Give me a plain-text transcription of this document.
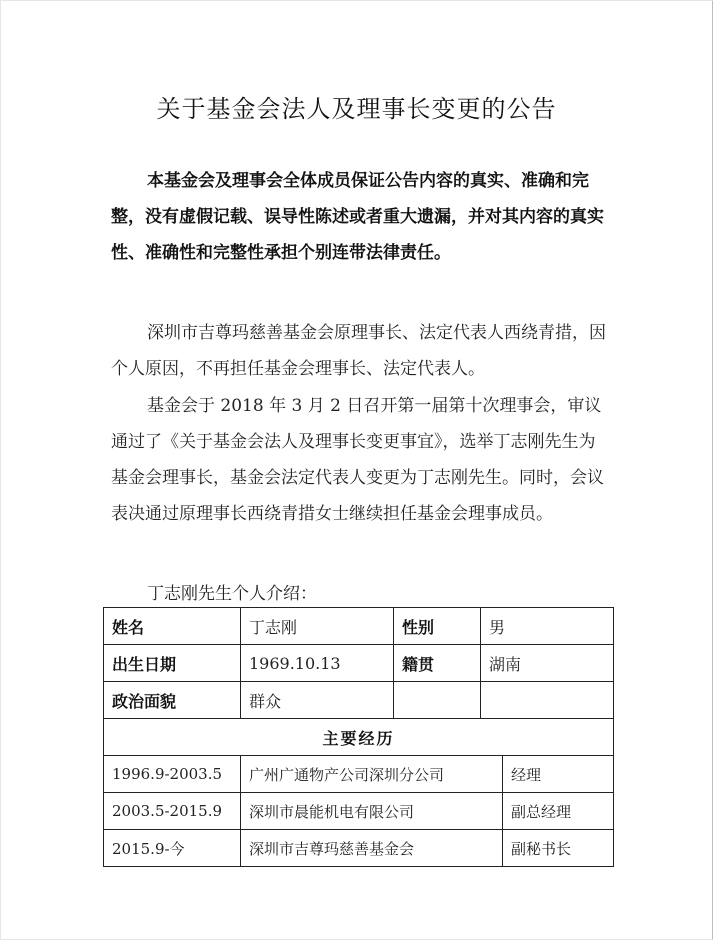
关于基金会法人及理事长变更的公告

本基金会及理事会全体成员保证公告内容的真实、准确和完整，没有虚假记载、误导性陈述或者重大遗漏，并对其内容的真实性、准确性和完整性承担个别连带法律责任。

深圳市吉尊玛慈善基金会原理事长、法定代表人西绕青措，因个人原因，不再担任基金会理事长、法定代表人。

基金会于 2018 年 3 月 2 日召开第一届第十次理事会，审议通过了《关于基金会法人及理事长变更事宜》，选举丁志刚先生为基金会理事长，基金会法定代表人变更为丁志刚先生。同时，会议表决通过原理事长西绕青措女士继续担任基金会理事成员。

丁志刚先生个人介绍：

姓名	丁志刚	性别	男	
出生日期	1969.10.13	籍贯	湖南	
政治面貌	群众			
主要经历				
1996.9-2003.5	广州广通物产公司深圳分公司			经理
2003.5-2015.9	深圳市晨能机电有限公司			副总经理
2015.9-今	深圳市吉尊玛慈善基金会			副秘书长
